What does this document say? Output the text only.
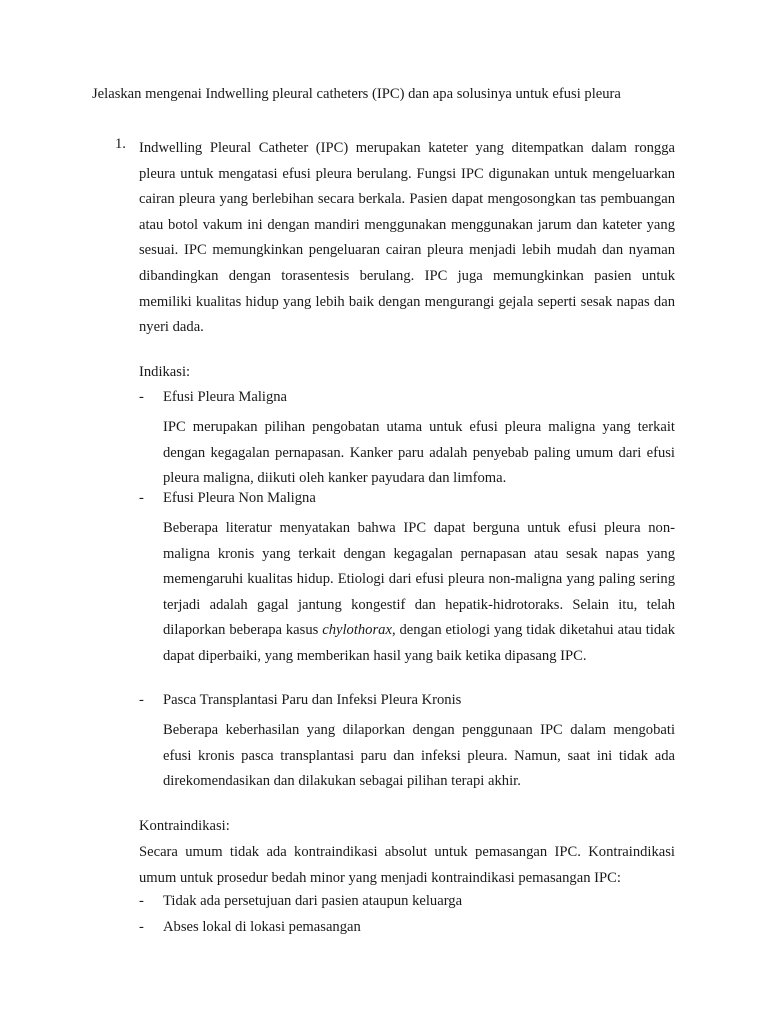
Jelaskan mengenai Indwelling pleural catheters (IPC) dan apa solusinya untuk efusi pleura
1. Indwelling Pleural Catheter (IPC) merupakan kateter yang ditempatkan dalam rongga pleura untuk mengatasi efusi pleura berulang. Fungsi IPC digunakan untuk mengeluarkan cairan pleura yang berlebihan secara berkala. Pasien dapat mengosongkan tas pembuangan atau botol vakum ini dengan mandiri menggunakan menggunakan jarum dan kateter yang sesuai. IPC memungkinkan pengeluaran cairan pleura menjadi lebih mudah dan nyaman dibandingkan dengan torasentesis berulang. IPC juga memungkinkan pasien untuk memiliki kualitas hidup yang lebih baik dengan mengurangi gejala seperti sesak napas dan nyeri dada.
Indikasi:
- Efusi Pleura Maligna
IPC merupakan pilihan pengobatan utama untuk efusi pleura maligna yang terkait dengan kegagalan pernapasan. Kanker paru adalah penyebab paling umum dari efusi pleura maligna, diikuti oleh kanker payudara dan limfoma.
- Efusi Pleura Non Maligna
Beberapa literatur menyatakan bahwa IPC dapat berguna untuk efusi pleura non-maligna kronis yang terkait dengan kegagalan pernapasan atau sesak napas yang memengaruhi kualitas hidup. Etiologi dari efusi pleura non-maligna yang paling sering terjadi adalah gagal jantung kongestif dan hepatik-hidrotoraks. Selain itu, telah dilaporkan beberapa kasus chylothorax, dengan etiologi yang tidak diketahui atau tidak dapat diperbaiki, yang memberikan hasil yang baik ketika dipasang IPC.
- Pasca Transplantasi Paru dan Infeksi Pleura Kronis
Beberapa keberhasilan yang dilaporkan dengan penggunaan IPC dalam mengobati efusi kronis pasca transplantasi paru dan infeksi pleura. Namun, saat ini tidak ada direkomendasikan dan dilakukan sebagai pilihan terapi akhir.
Kontraindikasi:
Secara umum tidak ada kontraindikasi absolut untuk pemasangan IPC. Kontraindikasi umum untuk prosedur bedah minor yang menjadi kontraindikasi pemasangan IPC:
- Tidak ada persetujuan dari pasien ataupun keluarga
- Abses lokal di lokasi pemasangan
